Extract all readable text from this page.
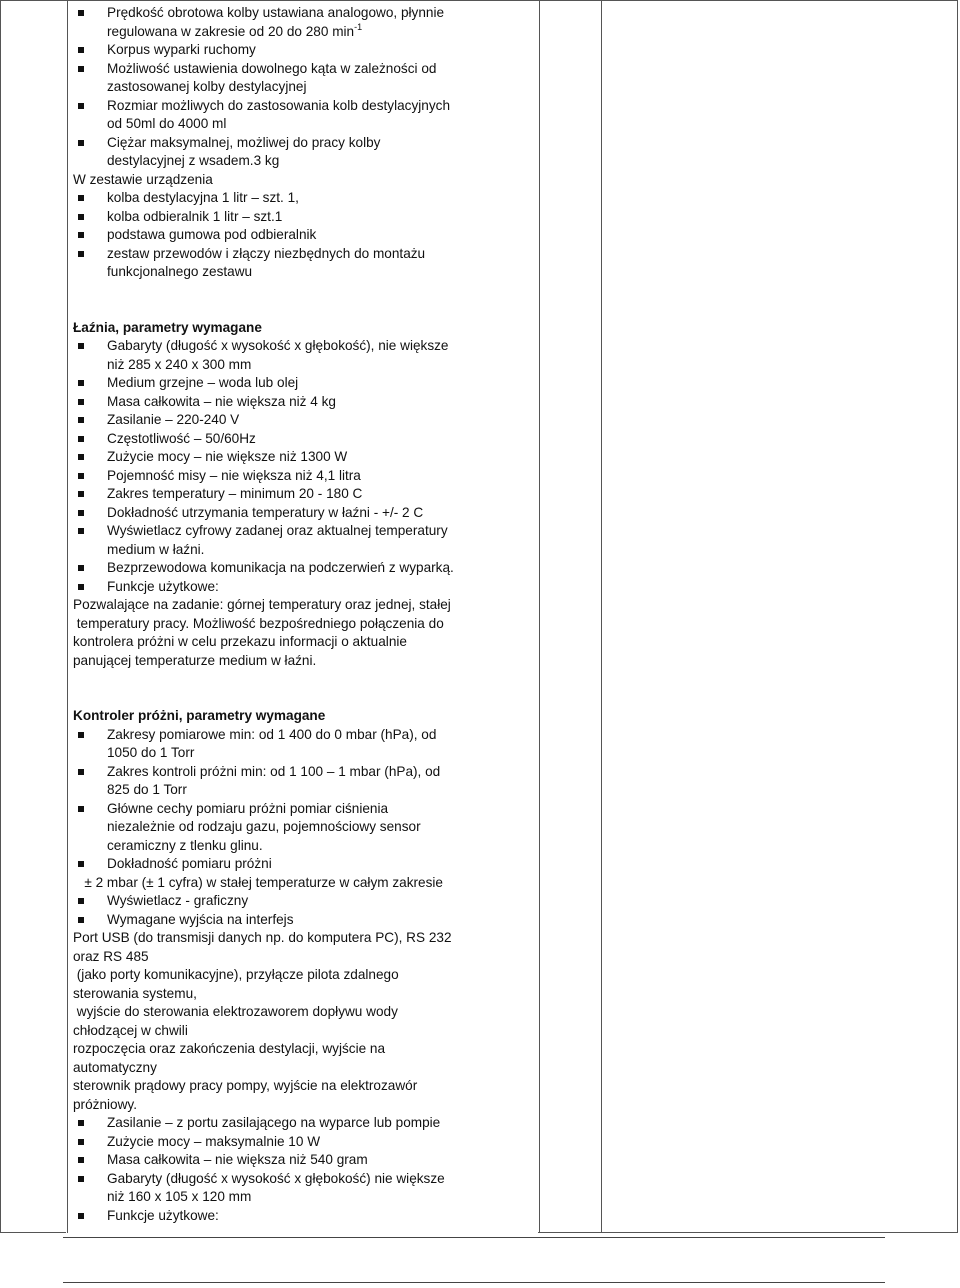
Prędkość obrotowa kolby ustawiana analogowo, płynnie
regulowana w zakresie od 20 do 280 $\min^{-1}$
Korpus wyparki ruchomy
Możliwość ustawienia dowolnego kąta w zależności od
zastosowanej kolby destylacyjnej
Rozmiar możliwych do zastosowania kolb destylacyjnych
od 50ml do 4000 ml
Ciężar maksymalnej, możliwej do pracy kolby
destylacyjnej z wsadem.3 kg
W zestawie urządzenia
kolba destylacyjna 1 litr – szt. 1,
kolba odbieralnik 1 litr – szt.1
podstawa gumowa pod odbieralnik
zestaw przewodów i złączy niezbędnych do montażu
funkcjonalnego zestawu
Łaźnia, parametry wymagane
Gabaryty (długość x wysokość x głębokość), nie większe
niż 285 x 240 x 300 mm
Medium grzejne – woda lub olej
Masa całkowita – nie większa niż 4 kg
Zasilanie – 220-240 V
Częstotliwość – 50/60Hz
Zużycie mocy – nie większe niż 1300 W
Pojemność misy – nie większa niż 4,1 litra
Zakres temperatury – minimum 20 - 180 C
Dokładność utrzymania temperatury w łaźni - +/- 2 C
Wyświetlacz cyfrowy zadanej oraz aktualnej temperatury
medium w łaźni.
Bezprzewodowa komunikacja na podczerwień z wyparką.
Funkcje użytkowe:
Pozwalające na zadanie: górnej temperatury oraz jednej, stałej
temperatury pracy. Możliwość bezpośredniego połączenia do
kontrolera próżni w celu przekazu informacji o aktualnie
panującej temperaturze medium w łaźni.
Kontroler próżni, parametry wymagane
Zakresy pomiarowe min: od 1 400 do 0 mbar (hPa), od
1050 do 1 Torr
Zakres kontroli próżni min: od 1 100 – 1 mbar (hPa), od
825 do 1 Torr
Główne cechy pomiaru próżni pomiar ciśnienia
niezależnie od rodzaju gazu, pojemnościowy sensor
ceramiczny z tlenku glinu.
Dokładność pomiaru próżni
± 2 mbar (± 1 cyfra) w stałej temperaturze w całym zakresie
Wyświetlacz - graficzny
Wymagane wyjścia na interfejs
Port USB (do transmisji danych np. do komputera PC), RS 232
oraz RS 485
(jako porty komunikacyjne), przyłącze pilota zdalnego
sterowania systemu,
wyjście do sterowania elektrozaworem dopływu wody
chłodzącej w chwili
rozpoczęcia oraz zakończenia destylacji, wyjście na
automatyczny
sterownik prądowy pracy pompy, wyjście na elektrozawór
próżniowy.
Zasilanie – z portu zasilającego na wyparce lub pompie
Zużycie mocy – maksymalnie 10 W
Masa całkowita – nie większa niż 540 gram
Gabaryty (długość x wysokość x głębokość) nie większe
niż 160 x 105 x 120 mm
Funkcje użytkowe:
